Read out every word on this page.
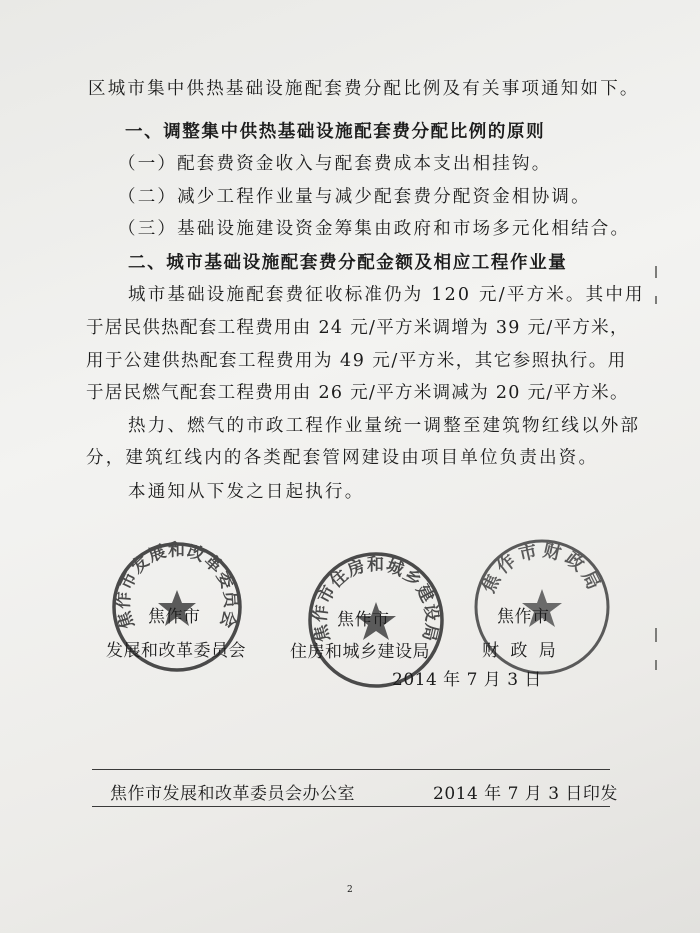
区城市集中供热基础设施配套费分配比例及有关事项通知如下。
一、调整集中供热基础设施配套费分配比例的原则
（一）配套费资金收入与配套费成本支出相挂钩。
（二）减少工程作业量与减少配套费分配资金相协调。
（三）基础设施建设资金筹集由政府和市场多元化相结合。
二、城市基础设施配套费分配金额及相应工程作业量
城市基础设施配套费征收标准仍为 120 元/平方米。其中用
于居民供热配套工程费用由 24 元/平方米调增为 39 元/平方米，
用于公建供热配套工程费用为 49 元/平方米，其它参照执行。用
于居民燃气配套工程费用由 26 元/平方米调减为 20 元/平方米。
热力、燃气的市政工程作业量统一调整至建筑物红线以外部
分，建筑红线内的各类配套管网建设由项目单位负责出资。
本通知从下发之日起执行。
焦作市发展和改革委员会
焦作市住房和城乡建设局
焦作市财政局
焦作市
发展和改革委员会
焦作市
住房和城乡建设局
焦作市
财 政 局
2014 年 7 月 3 日
焦作市发展和改革委员会办公室	2014 年 7 月 3 日印发
2
